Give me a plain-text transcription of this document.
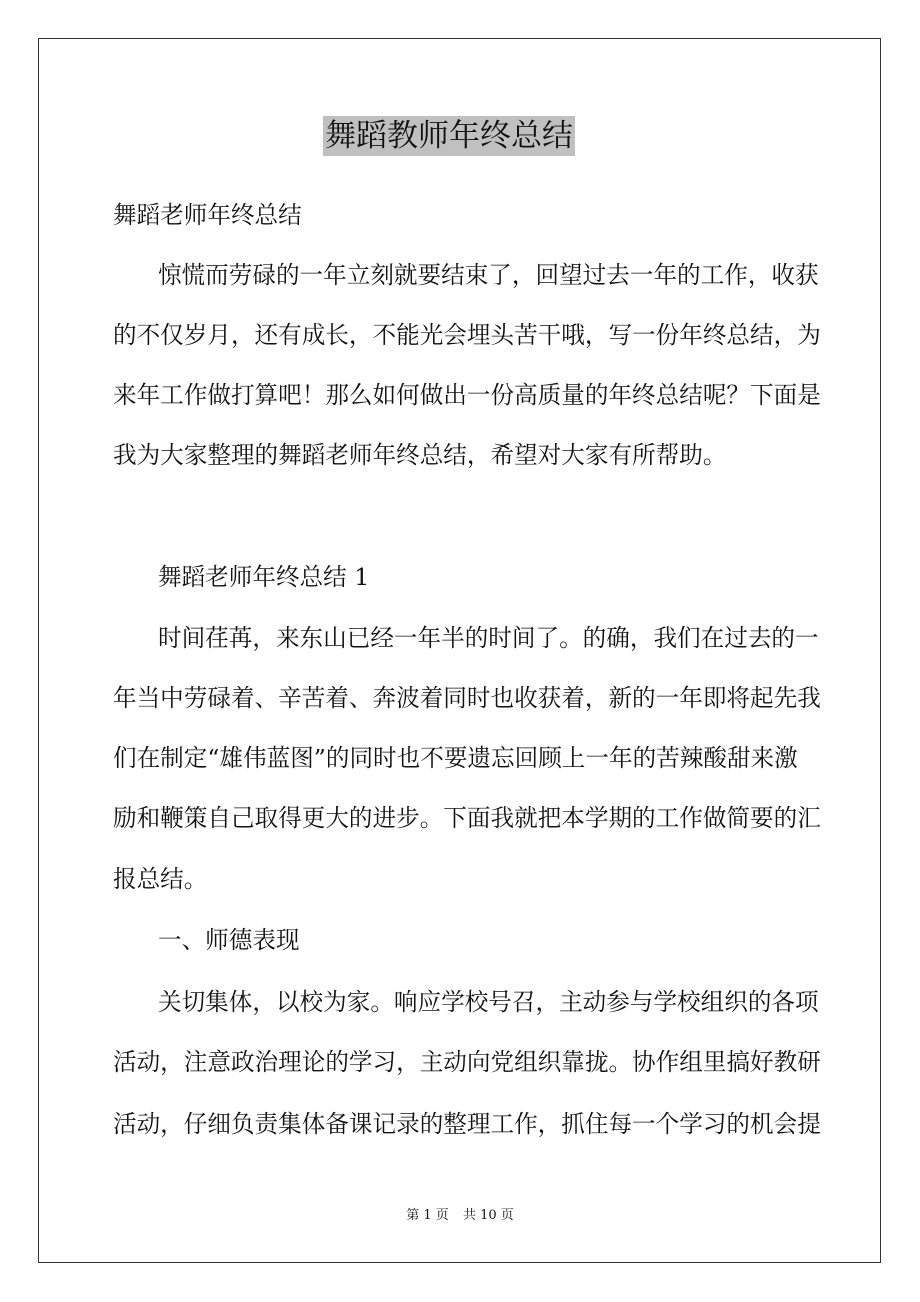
舞蹈教师年终总结
舞蹈老师年终总结
惊慌而劳碌的一年立刻就要结束了，回望过去一年的工作，收获
的不仅岁月，还有成长，不能光会埋头苦干哦，写一份年终总结，为
来年工作做打算吧！那么如何做出一份高质量的年终总结呢？下面是
我为大家整理的舞蹈老师年终总结，希望对大家有所帮助。
舞蹈老师年终总结 1
时间荏苒，来东山已经一年半的时间了。的确，我们在过去的一
年当中劳碌着、辛苦着、奔波着同时也收获着，新的一年即将起先我
们在制定“雄伟蓝图”的同时也不要遗忘回顾上一年的苦辣酸甜来激
励和鞭策自己取得更大的进步。下面我就把本学期的工作做简要的汇
报总结。
一、师德表现
关切集体，以校为家。响应学校号召，主动参与学校组织的各项
活动，注意政治理论的学习，主动向党组织靠拢。协作组里搞好教研
活动，仔细负责集体备课记录的整理工作，抓住每一个学习的机会提
第 1 页 共 10 页
